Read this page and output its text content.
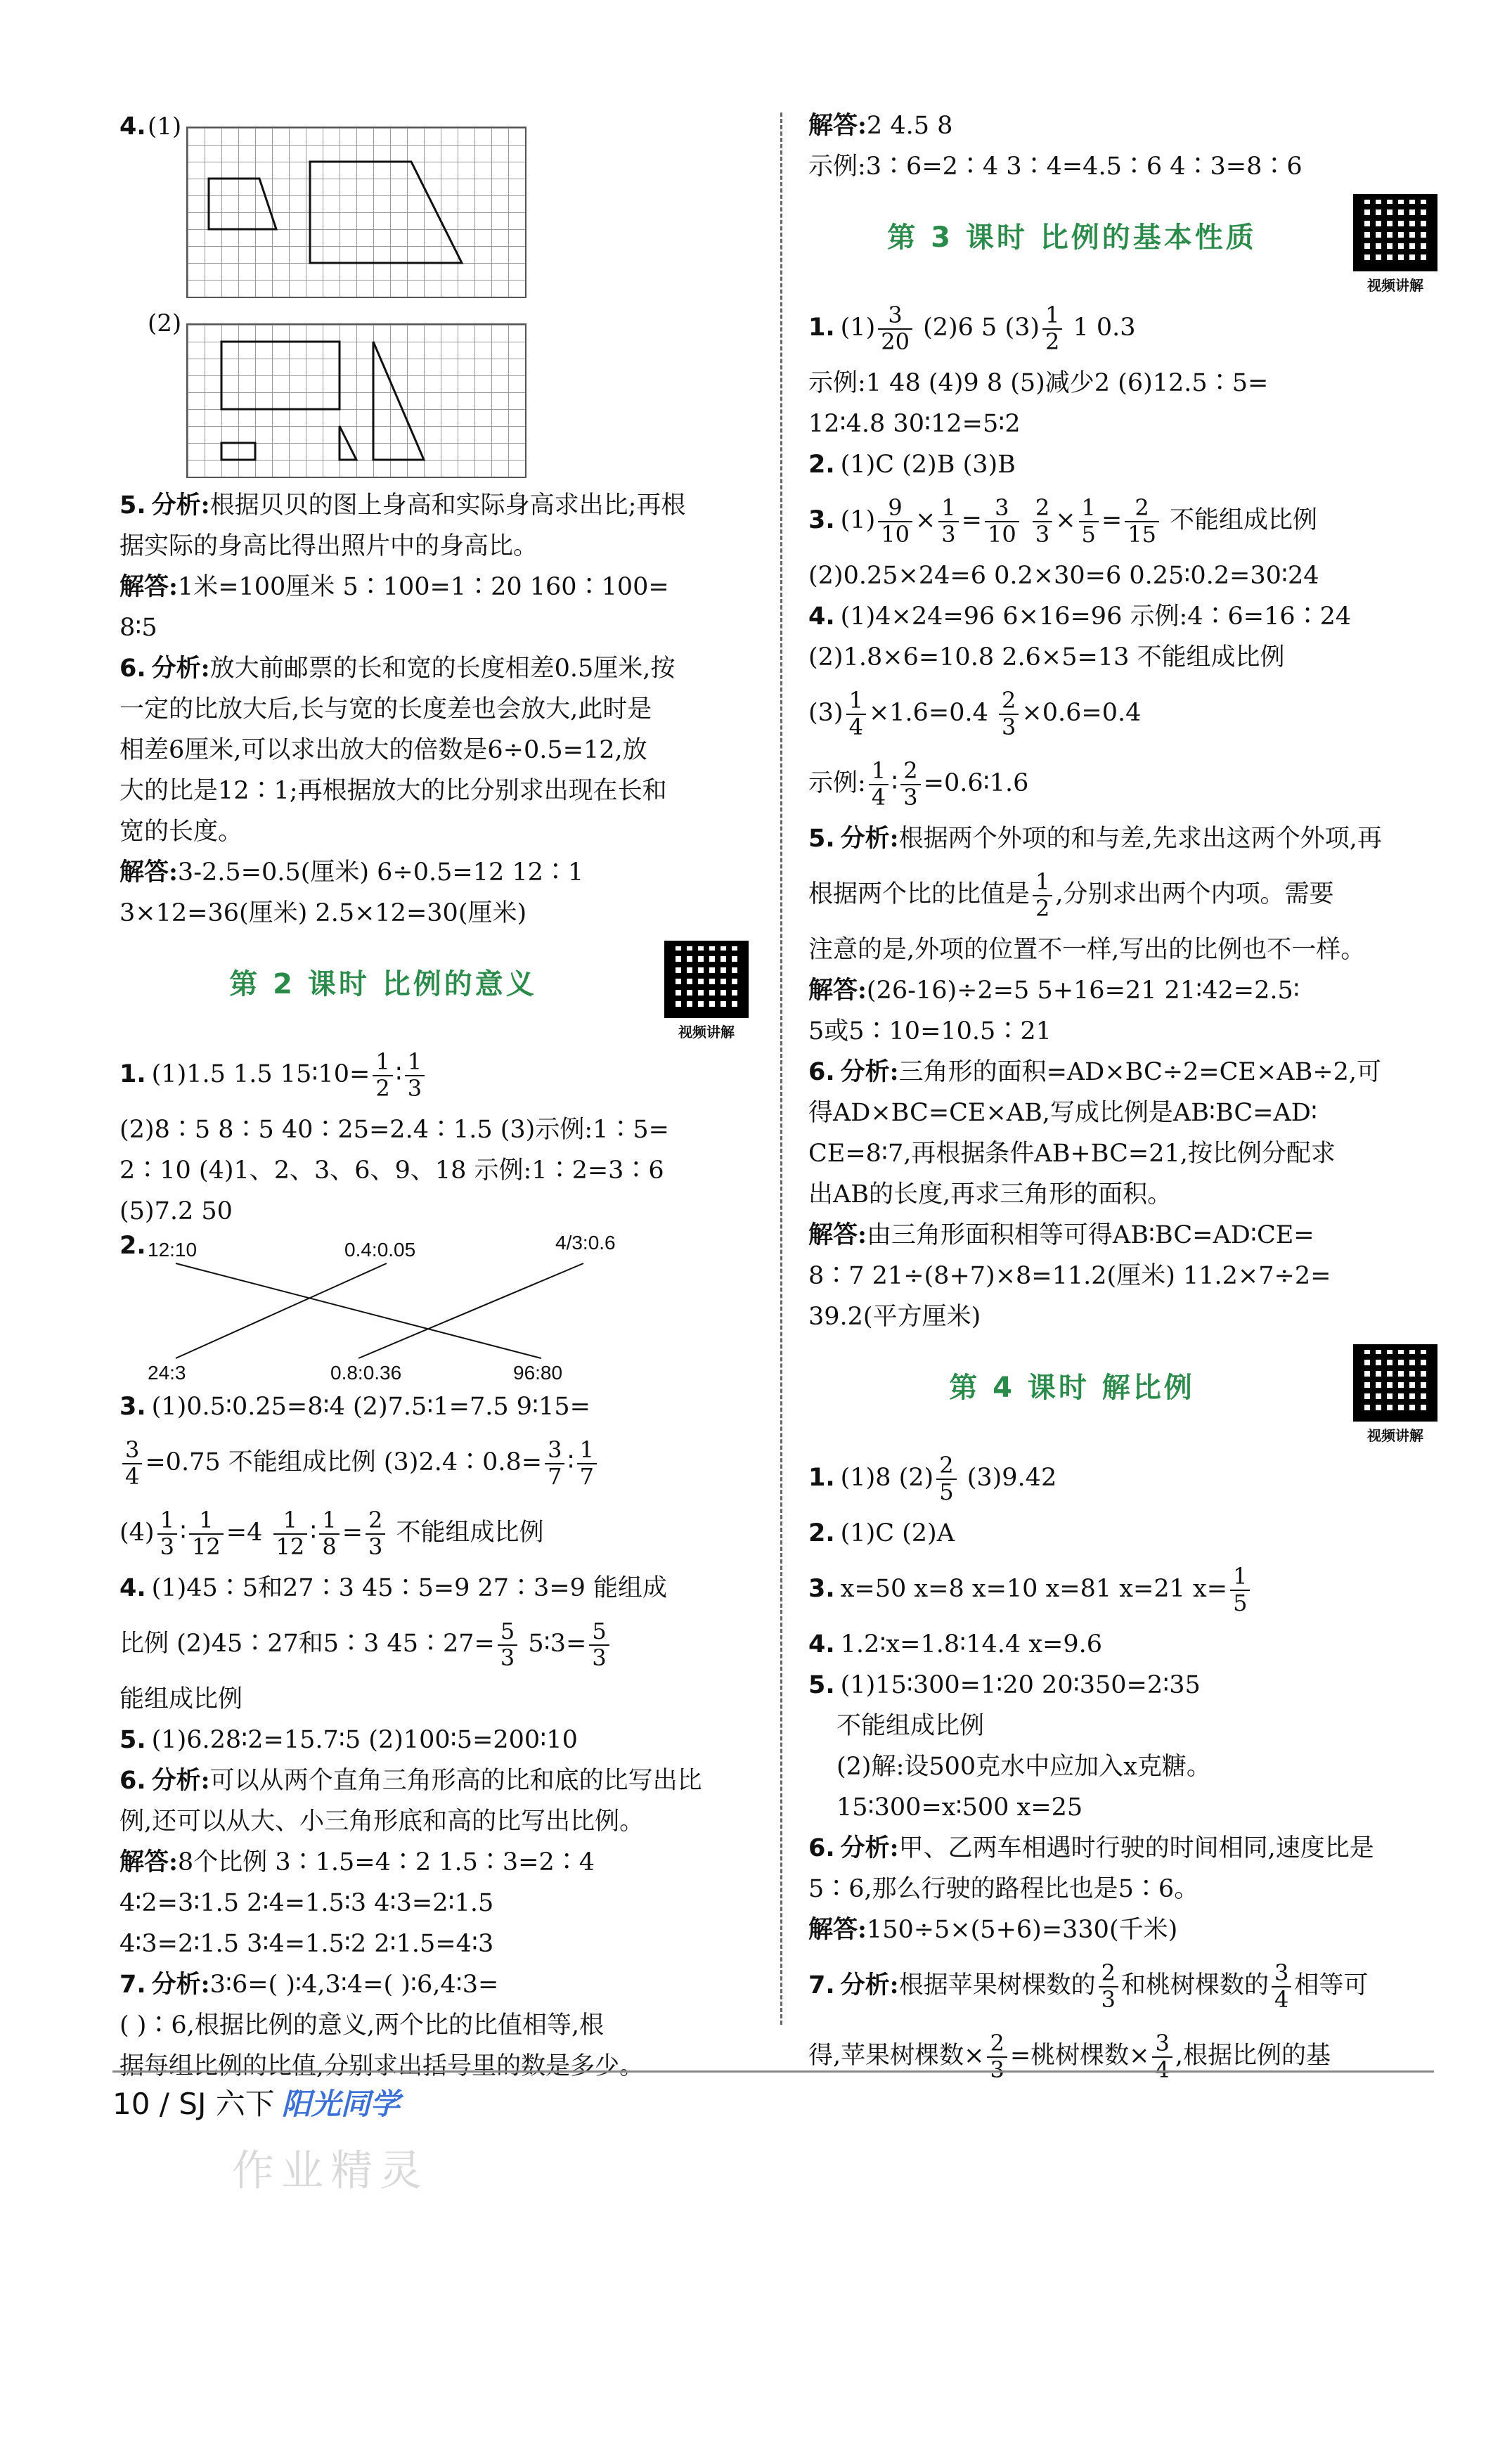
4. (1)
(2)
5. 分析:根据贝贝的图上身高和实际身高求出比;再根
据实际的身高比得出照片中的身高比。
解答:1米=100厘米 5∶100=1∶20 160∶100=
8∶5
6. 分析:放大前邮票的长和宽的长度相差0.5厘米,按
一定的比放大后,长与宽的长度差也会放大,此时是
相差6厘米,可以求出放大的倍数是6÷0.5=12,放
大的比是12∶1;再根据放大的比分别求出现在长和
宽的长度。
解答:3-2.5=0.5(厘米) 6÷0.5=12 12∶1
3×12=36(厘米) 2.5×12=30(厘米)
第 2 课时 比例的意义
视频讲解
1. (1)1.5 1.5 15∶10= $\frac{1}{2}$ ∶ $\frac{1}{3}$
(2)8∶5 8∶5 40∶25=2.4∶1.5 (3)示例:1∶5=
2∶10 (4)1、2、3、6、9、18 示例:1∶2=3∶6
(5)7.2 50
2. 12:10	0.4:0.05	4/3:0.6
24:3	0.8:0.36	96:80
3. (1)0.5∶0.25=8∶4 (2)7.5∶1=7.5 9∶15=
$\frac{3}{4} =0.75$ 不能组成比例 (3)2.4∶0.8= $\frac{3}{7}$ ∶ $\frac{1}{7}$
$(4) \frac{1}{3}$ ∶ $\frac{1}{12} =4 \frac{1}{12}$ ∶ $\frac{1}{8} = \frac{2}{3}$ 不能组成比例
4. (1)45∶5和27∶3 45∶5=9 27∶3=9 能组成
比例 (2)45∶27和5∶3 45∶27= $\frac{5}{3}$ 5∶3= $\frac{5}{3}$
能组成比例
5. (1)6.28∶2=15.7∶5 (2)100∶5=200∶10
6. 分析:可以从两个直角三角形高的比和底的比写出比
例,还可以从大、小三角形底和高的比写出比例。
解答:8个比例 3∶1.5=4∶2 1.5∶3=2∶4
4∶2=3∶1.5 2∶4=1.5∶3 4∶3=2∶1.5
4∶3=2∶1.5 3∶4=1.5∶2 2∶1.5=4∶3
7. 分析:3∶6=( )∶4,3∶4=( )∶6,4∶3=
( )∶6,根据比例的意义,两个比的比值相等,根
据每组比例的比值,分别求出括号里的数是多少。
解答:2 4.5 8
示例:3∶6=2∶4 3∶4=4.5∶6 4∶3=8∶6
第 3 课时 比例的基本性质
视频讲解
1. $(1) \frac{3}{20} (2)6$ 5 $(3) \frac{1}{2} 1$ 0.3
示例:1 48 (4)9 8 (5)减少2 (6)12.5∶5=
12∶4.8 30∶12=5∶2
2. (1)C (2)B (3)B
3. $(1) \frac{9}{10} \times \frac{1}{3} = \frac{3}{10}$
$\frac{2}{3} \times \frac{1}{5} = \frac{2}{15}$ 不能组成比例
(2)0.25×24=6 0.2×30=6 0.25∶0.2=30∶24
4. (1)4×24=96 6×16=96 示例:4∶6=16∶24
(2)1.8×6=10.8 2.6×5=13 不能组成比例
$(3) \frac{1}{4} \times 1.6=0.4 \frac{2}{3} \times 0.6=0.4$
示例: $\frac{1}{4}$ ∶ $\frac{2}{3}$ =0.6∶1.6
5. 分析:根据两个外项的和与差,先求出这两个外项,再
根据两个比的比值是 $\frac{1}{2}$ ,分别求出两个内项。需要
注意的是,外项的位置不一样,写出的比例也不一样。
解答:(26-16)÷2=5 5+16=21 21∶42=2.5∶
5或5∶10=10.5∶21
6. 分析:三角形的面积=AD×BC÷2=CE×AB÷2,可
得AD×BC=CE×AB,写成比例是AB∶BC=AD∶
CE=8∶7,再根据条件AB+BC=21,按比例分配求
出AB的长度,再求三角形的面积。
解答:由三角形面积相等可得AB∶BC=AD∶CE=
8∶7 21÷(8+7)×8=11.2(厘米) 11.2×7÷2=
39.2(平方厘米)
第 4 课时 解比例
视频讲解
1. (1)8 $(2) \frac{2}{5} (3)9.42$
2. (1)C (2)A
3. x=50 x=8 x=10 x=81 x=21 $x= \frac{1}{5}$
4. 1.2∶x=1.8∶14.4 x=9.6
5. (1)15∶300=1∶20 20∶350=2∶35
不能组成比例
(2)解:设500克水中应加入x克糖。
15∶300=x∶500 x=25
6. 分析:甲、乙两车相遇时行驶的时间相同,速度比是
5∶6,那么行驶的路程比也是5∶6。
解答:150÷5×(5+6)=330(千米)
7. 分析:根据苹果树棵数的 $\frac{2}{3}$ 和桃树棵数的 $\frac{3}{4}$ 相等可
得,苹果树棵数× $\frac{2}{3}$ =桃树棵数× $\frac{3}{4}$ ,根据比例的基
10 / SJ 六下 阳光同学
作业精灵
